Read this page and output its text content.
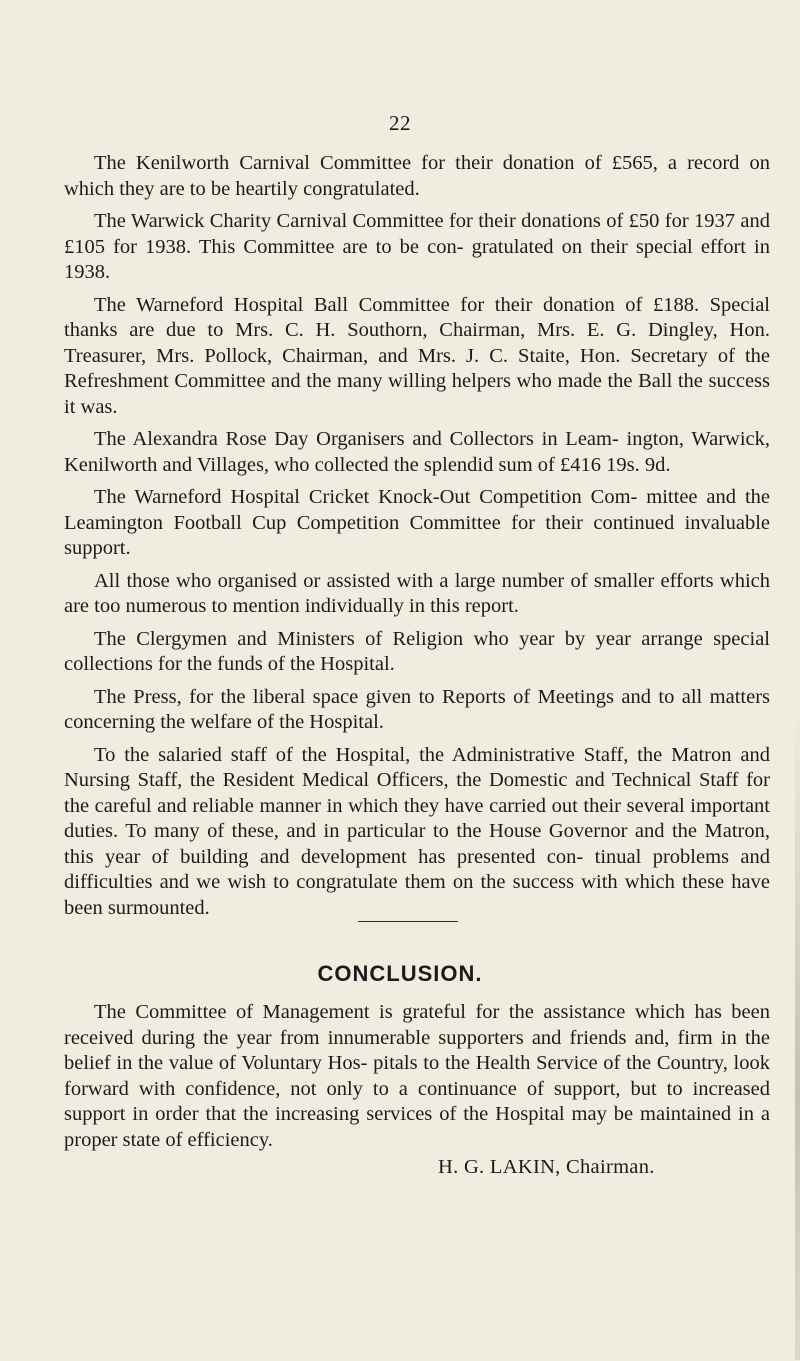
22

The Kenilworth Carnival Committee for their donation of £565, a record on which they are to be heartily congratulated.

The Warwick Charity Carnival Committee for their donations of £50 for 1937 and £105 for 1938. This Committee are to be con- gratulated on their special effort in 1938.

The Warneford Hospital Ball Committee for their donation of £188. Special thanks are due to Mrs. C. H. Southorn, Chairman, Mrs. E. G. Dingley, Hon. Treasurer, Mrs. Pollock, Chairman, and Mrs. J. C. Staite, Hon. Secretary of the Refreshment Committee and the many willing helpers who made the Ball the success it was.

The Alexandra Rose Day Organisers and Collectors in Leam- ington, Warwick, Kenilworth and Villages, who collected the splendid sum of £416 19s. 9d.

The Warneford Hospital Cricket Knock-Out Competition Com- mittee and the Leamington Football Cup Competition Committee for their continued invaluable support.

All those who organised or assisted with a large number of smaller efforts which are too numerous to mention individually in this report.

The Clergymen and Ministers of Religion who year by year arrange special collections for the funds of the Hospital.

The Press, for the liberal space given to Reports of Meetings and to all matters concerning the welfare of the Hospital.

To the salaried staff of the Hospital, the Administrative Staff, the Matron and Nursing Staff, the Resident Medical Officers, the Domestic and Technical Staff for the careful and reliable manner in which they have carried out their several important duties. To many of these, and in particular to the House Governor and the Matron, this year of building and development has presented con- tinual problems and difficulties and we wish to congratulate them on the success with which these have been surmounted.

CONCLUSION.

The Committee of Management is grateful for the assistance which has been received during the year from innumerable supporters and friends and, firm in the belief in the value of Voluntary Hos- pitals to the Health Service of the Country, look forward with confidence, not only to a continuance of support, but to increased support in order that the increasing services of the Hospital may be maintained in a proper state of efficiency.

H. G. LAKIN, Chairman.
